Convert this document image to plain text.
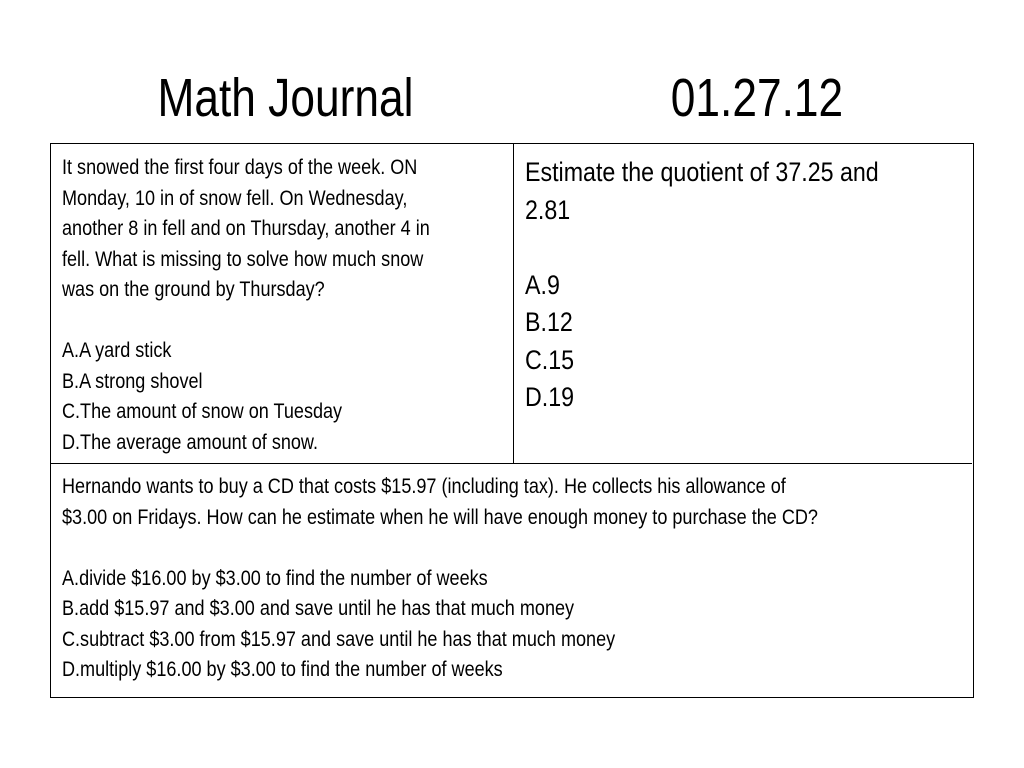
Math Journal	01.27.12
It snowed the first four days of the week. ON
Monday, 10 in of snow fell. On Wednesday,
another 8 in fell and on Thursday, another 4 in
fell. What is missing to solve how much snow
was on the ground by Thursday?
A.A yard stick
B.A strong shovel
C.The amount of snow on Tuesday
D.The average amount of snow.
Estimate the quotient of 37.25 and
2.81
A.9
B.12
C.15
D.19
Hernando wants to buy a CD that costs $15.97 (including tax). He collects his allowance of
$3.00 on Fridays. How can he estimate when he will have enough money to purchase the CD?
A.divide $16.00 by $3.00 to find the number of weeks
B.add $15.97 and $3.00 and save until he has that much money
C.subtract $3.00 from $15.97 and save until he has that much money
D.multiply $16.00 by $3.00 to find the number of weeks
